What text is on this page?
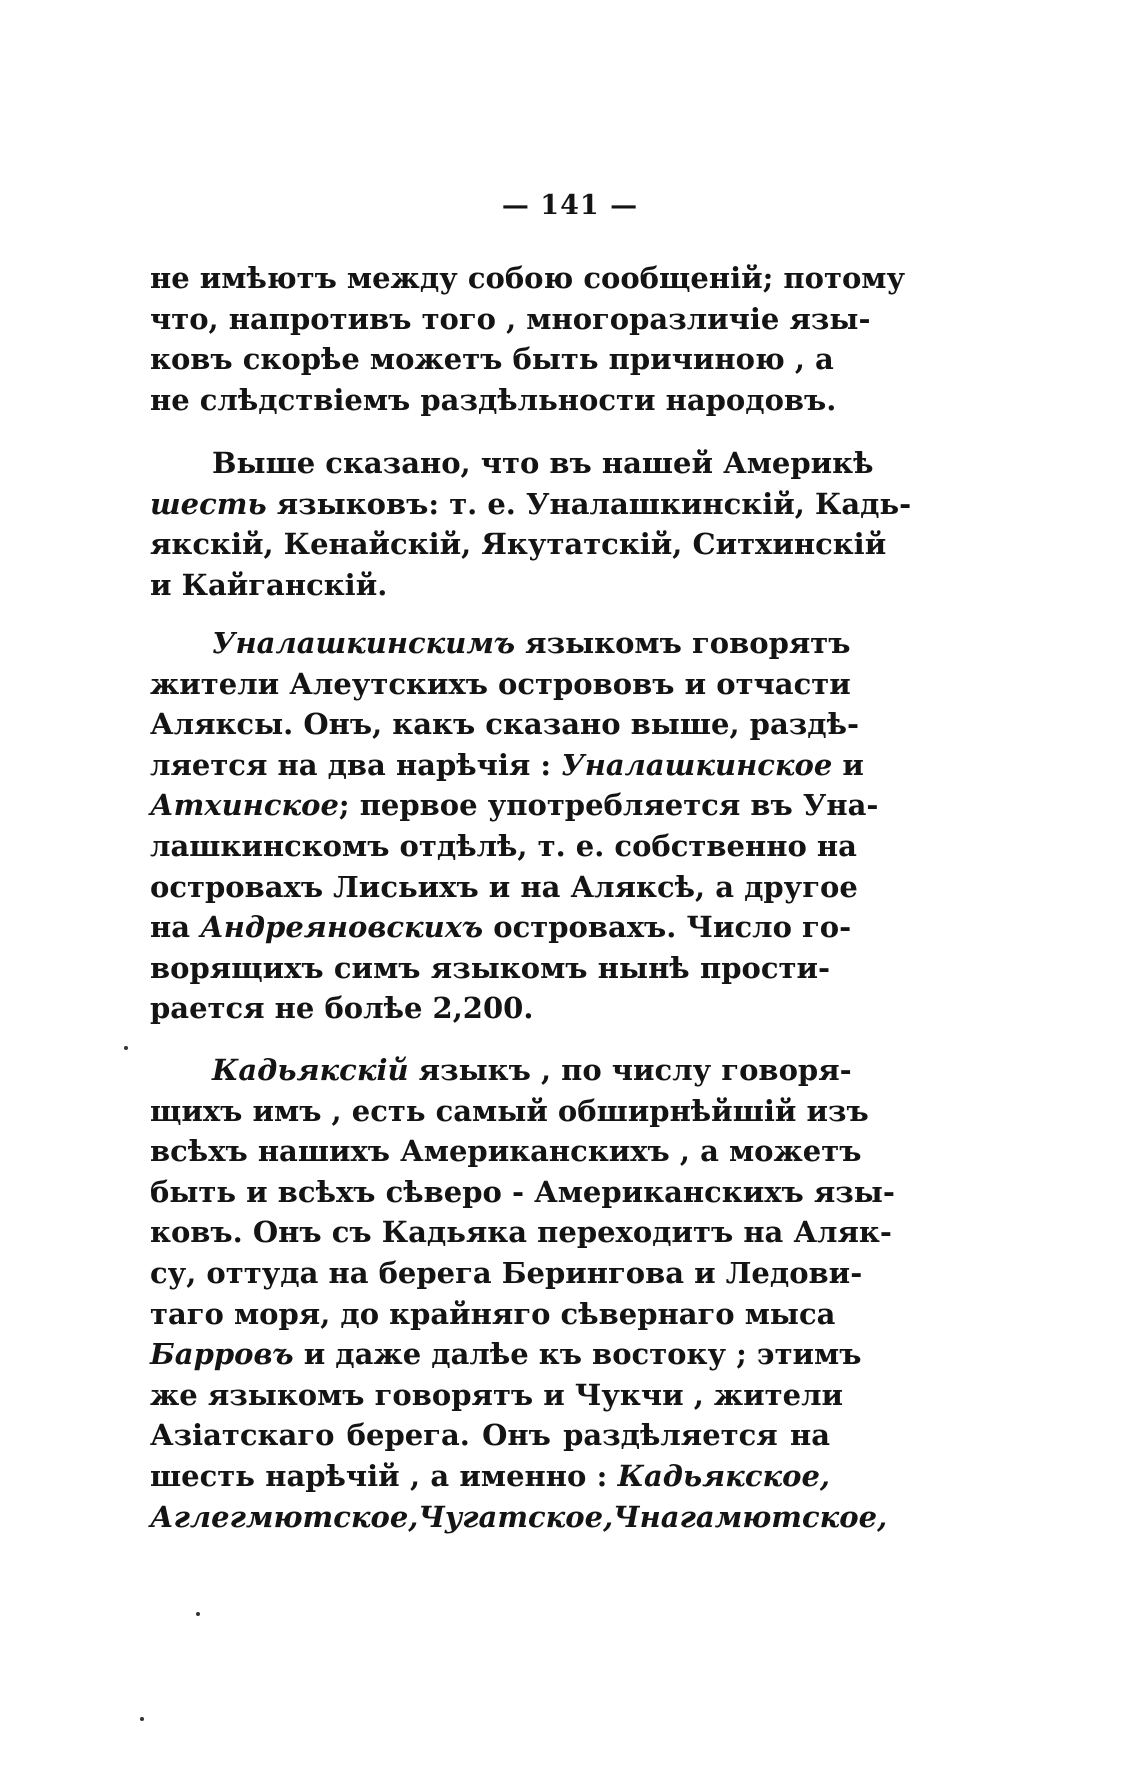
— 141 —
не имѣютъ между собою сообщеній; потому
что, напротивъ того , многоразличіе язы-
ковъ скорѣе можетъ быть причиною , а
не слѣдствіемъ раздѣльности народовъ.
Выше сказано, что въ нашей Америкѣ
шесть языковъ: т. е. Уналашкинскій, Кадь-
якскій, Кенайскій, Якутатскій, Ситхинскій
и Кайганскій.
Уналашкинскимъ языкомъ говорятъ
жители Алеутскихъ острововъ и отчасти
Аляксы. Онъ, какъ сказано выше, раздѣ-
ляется на два нарѣчія : Уналашкинское и
Атхинское; первое употребляется въ Уна-
лашкинскомъ отдѣлѣ, т. е. собственно на
островахъ Лисьихъ и на Аляксѣ, а другое
на Андреяновскихъ островахъ. Число го-
ворящихъ симъ языкомъ нынѣ прости-
рается не болѣе 2,200.
Кадьякскій языкъ , по числу говоря-
щихъ имъ , есть самый обширнѣйшій изъ
всѣхъ нашихъ Американскихъ , а можетъ
быть и всѣхъ сѣверо - Американскихъ язы-
ковъ. Онъ съ Кадьяка переходитъ на Аляк-
су, оттуда на берега Берингова и Ледови-
таго моря, до крайняго сѣвернаго мыса
Барровъ и даже далѣе къ востоку ; этимъ
же языкомъ говорятъ и Чукчи , жители
Азіатскаго берега. Онъ раздѣляется на
шесть нарѣчій , а именно : Кадьякское,
Аглегмютское,Чугатское,Чнагамютское,
